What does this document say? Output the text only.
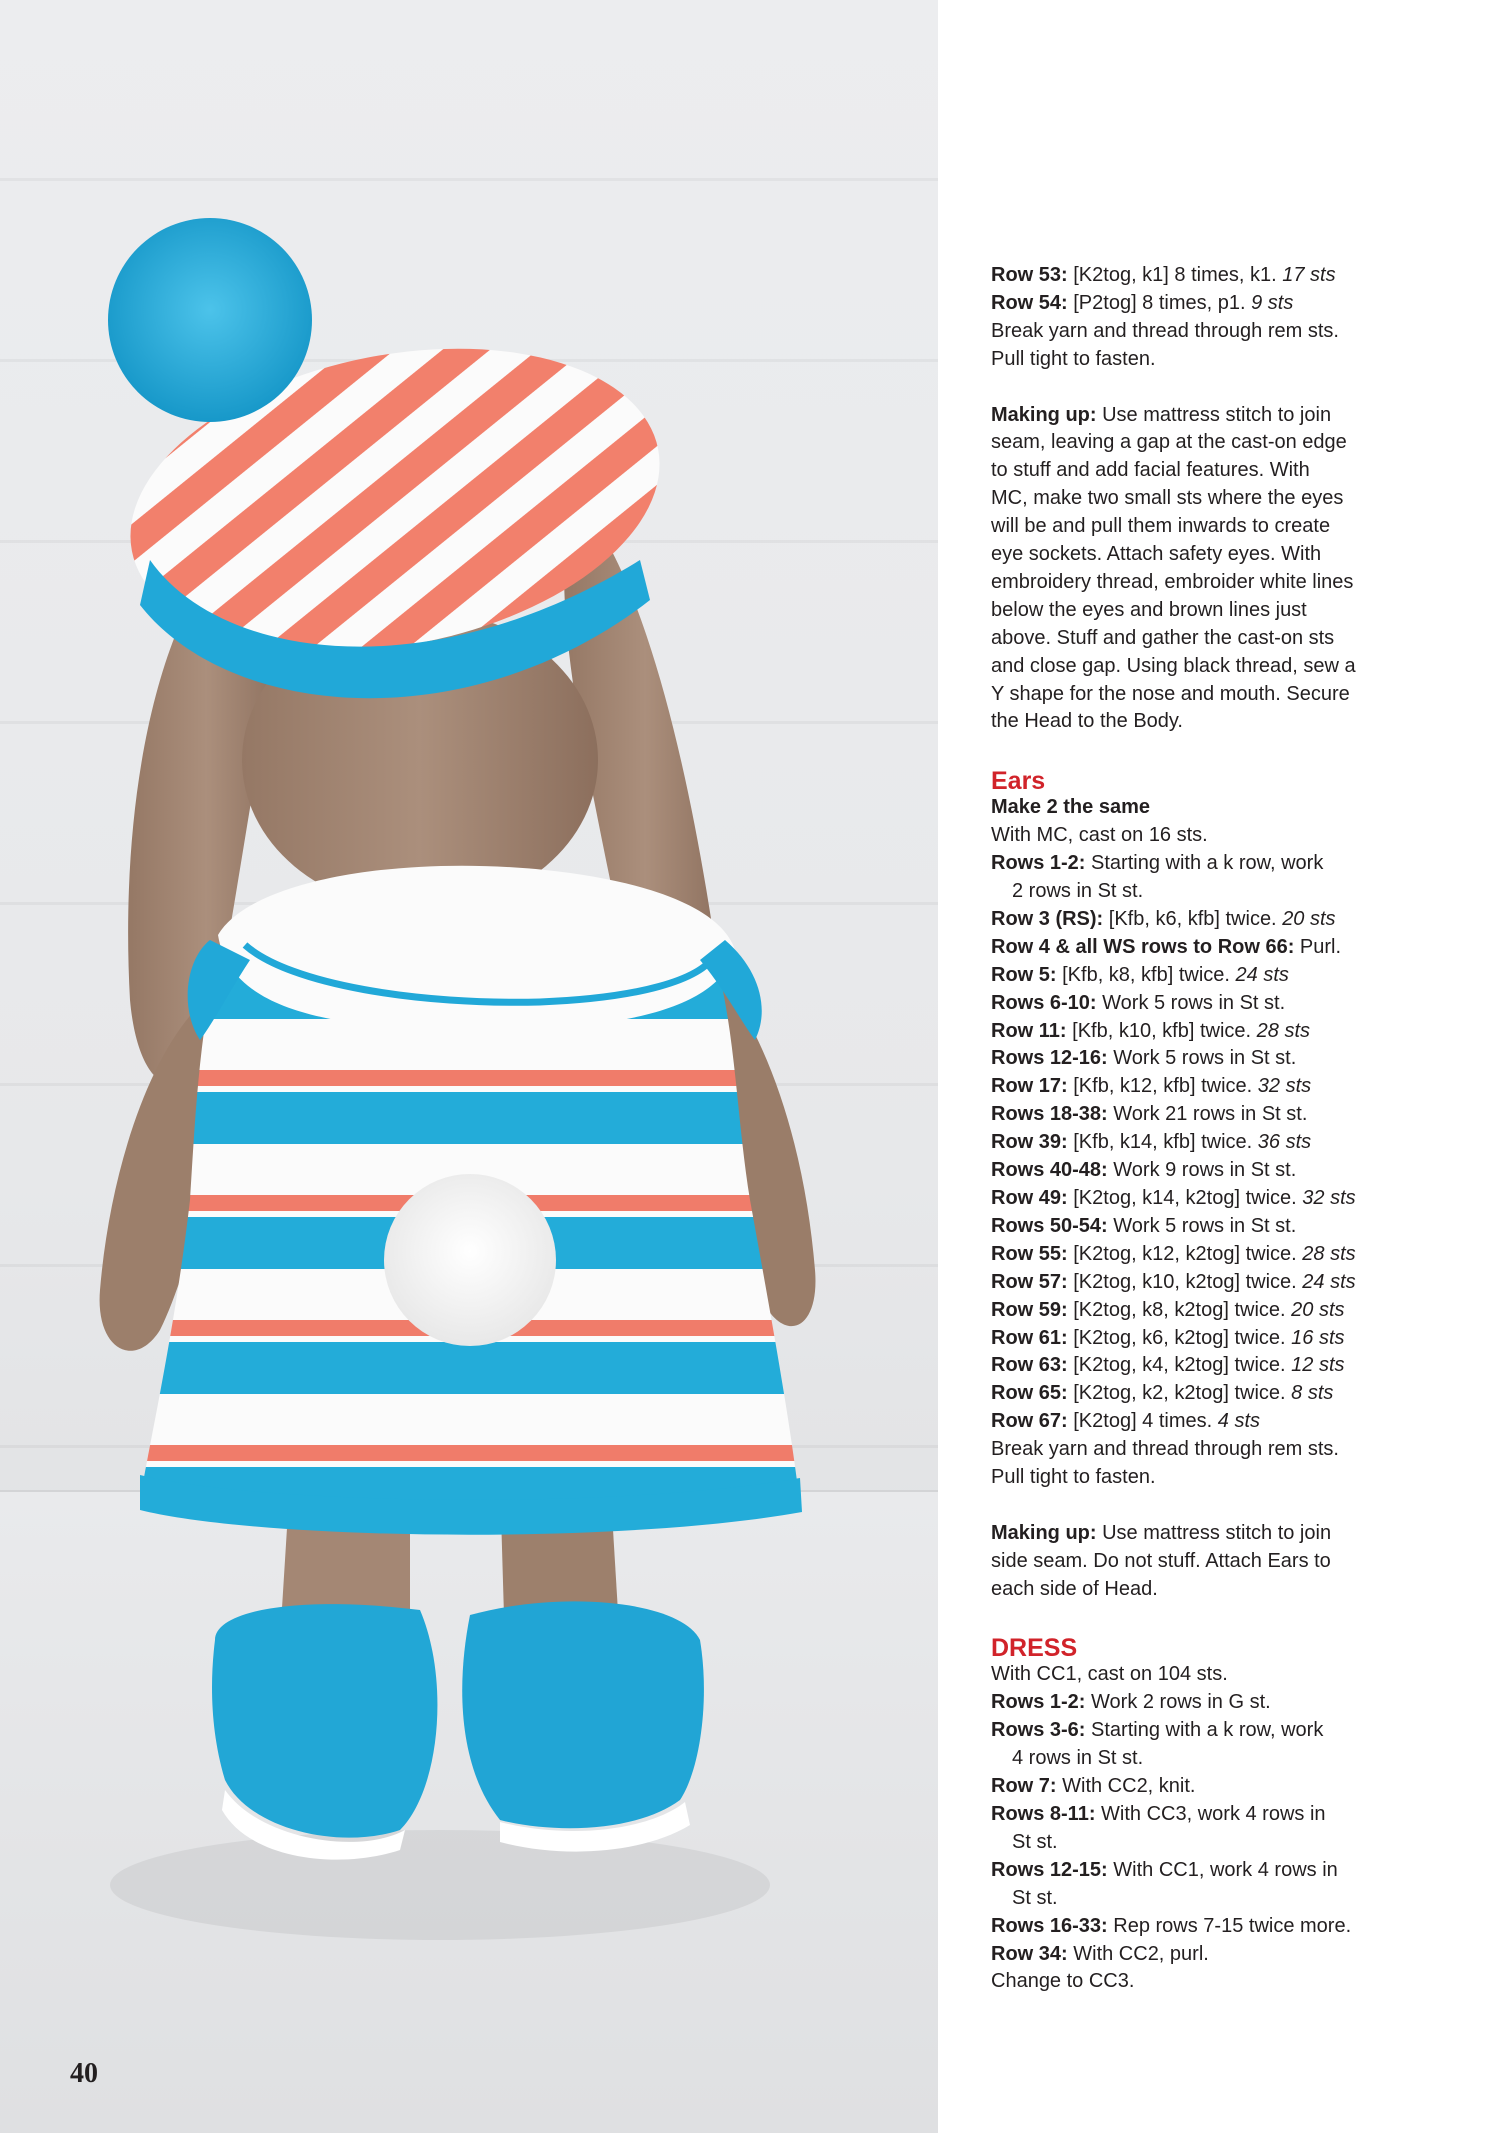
40
Row 53: [K2tog, k1] 8 times, k1. 17 sts
Row 54: [P2tog] 8 times, p1. 9 sts
Break yarn and thread through rem sts.
Pull tight to fasten.
Making up: Use mattress stitch to join
seam, leaving a gap at the cast-on edge
to stuff and add facial features. With
MC, make two small sts where the eyes
will be and pull them inwards to create
eye sockets. Attach safety eyes. With
embroidery thread, embroider white lines
below the eyes and brown lines just
above. Stuff and gather the cast-on sts
and close gap. Using black thread, sew a
Y shape for the nose and mouth. Secure
the Head to the Body.
Ears
Make 2 the same
With MC, cast on 16 sts.
Rows 1-2: Starting with a k row, work
2 rows in St st.
Row 3 (RS): [Kfb, k6, kfb] twice. 20 sts
Row 4 & all WS rows to Row 66: Purl.
Row 5: [Kfb, k8, kfb] twice. 24 sts
Rows 6-10: Work 5 rows in St st.
Row 11: [Kfb, k10, kfb] twice. 28 sts
Rows 12-16: Work 5 rows in St st.
Row 17: [Kfb, k12, kfb] twice. 32 sts
Rows 18-38: Work 21 rows in St st.
Row 39: [Kfb, k14, kfb] twice. 36 sts
Rows 40-48: Work 9 rows in St st.
Row 49: [K2tog, k14, k2tog] twice. 32 sts
Rows 50-54: Work 5 rows in St st.
Row 55: [K2tog, k12, k2tog] twice. 28 sts
Row 57: [K2tog, k10, k2tog] twice. 24 sts
Row 59: [K2tog, k8, k2tog] twice. 20 sts
Row 61: [K2tog, k6, k2tog] twice. 16 sts
Row 63: [K2tog, k4, k2tog] twice. 12 sts
Row 65: [K2tog, k2, k2tog] twice. 8 sts
Row 67: [K2tog] 4 times. 4 sts
Break yarn and thread through rem sts.
Pull tight to fasten.
Making up: Use mattress stitch to join
side seam. Do not stuff. Attach Ears to
each side of Head.
DRESS
With CC1, cast on 104 sts.
Rows 1-2: Work 2 rows in G st.
Rows 3-6: Starting with a k row, work
4 rows in St st.
Row 7: With CC2, knit.
Rows 8-11: With CC3, work 4 rows in
St st.
Rows 12-15: With CC1, work 4 rows in
St st.
Rows 16-33: Rep rows 7-15 twice more.
Row 34: With CC2, purl.
Change to CC3.
